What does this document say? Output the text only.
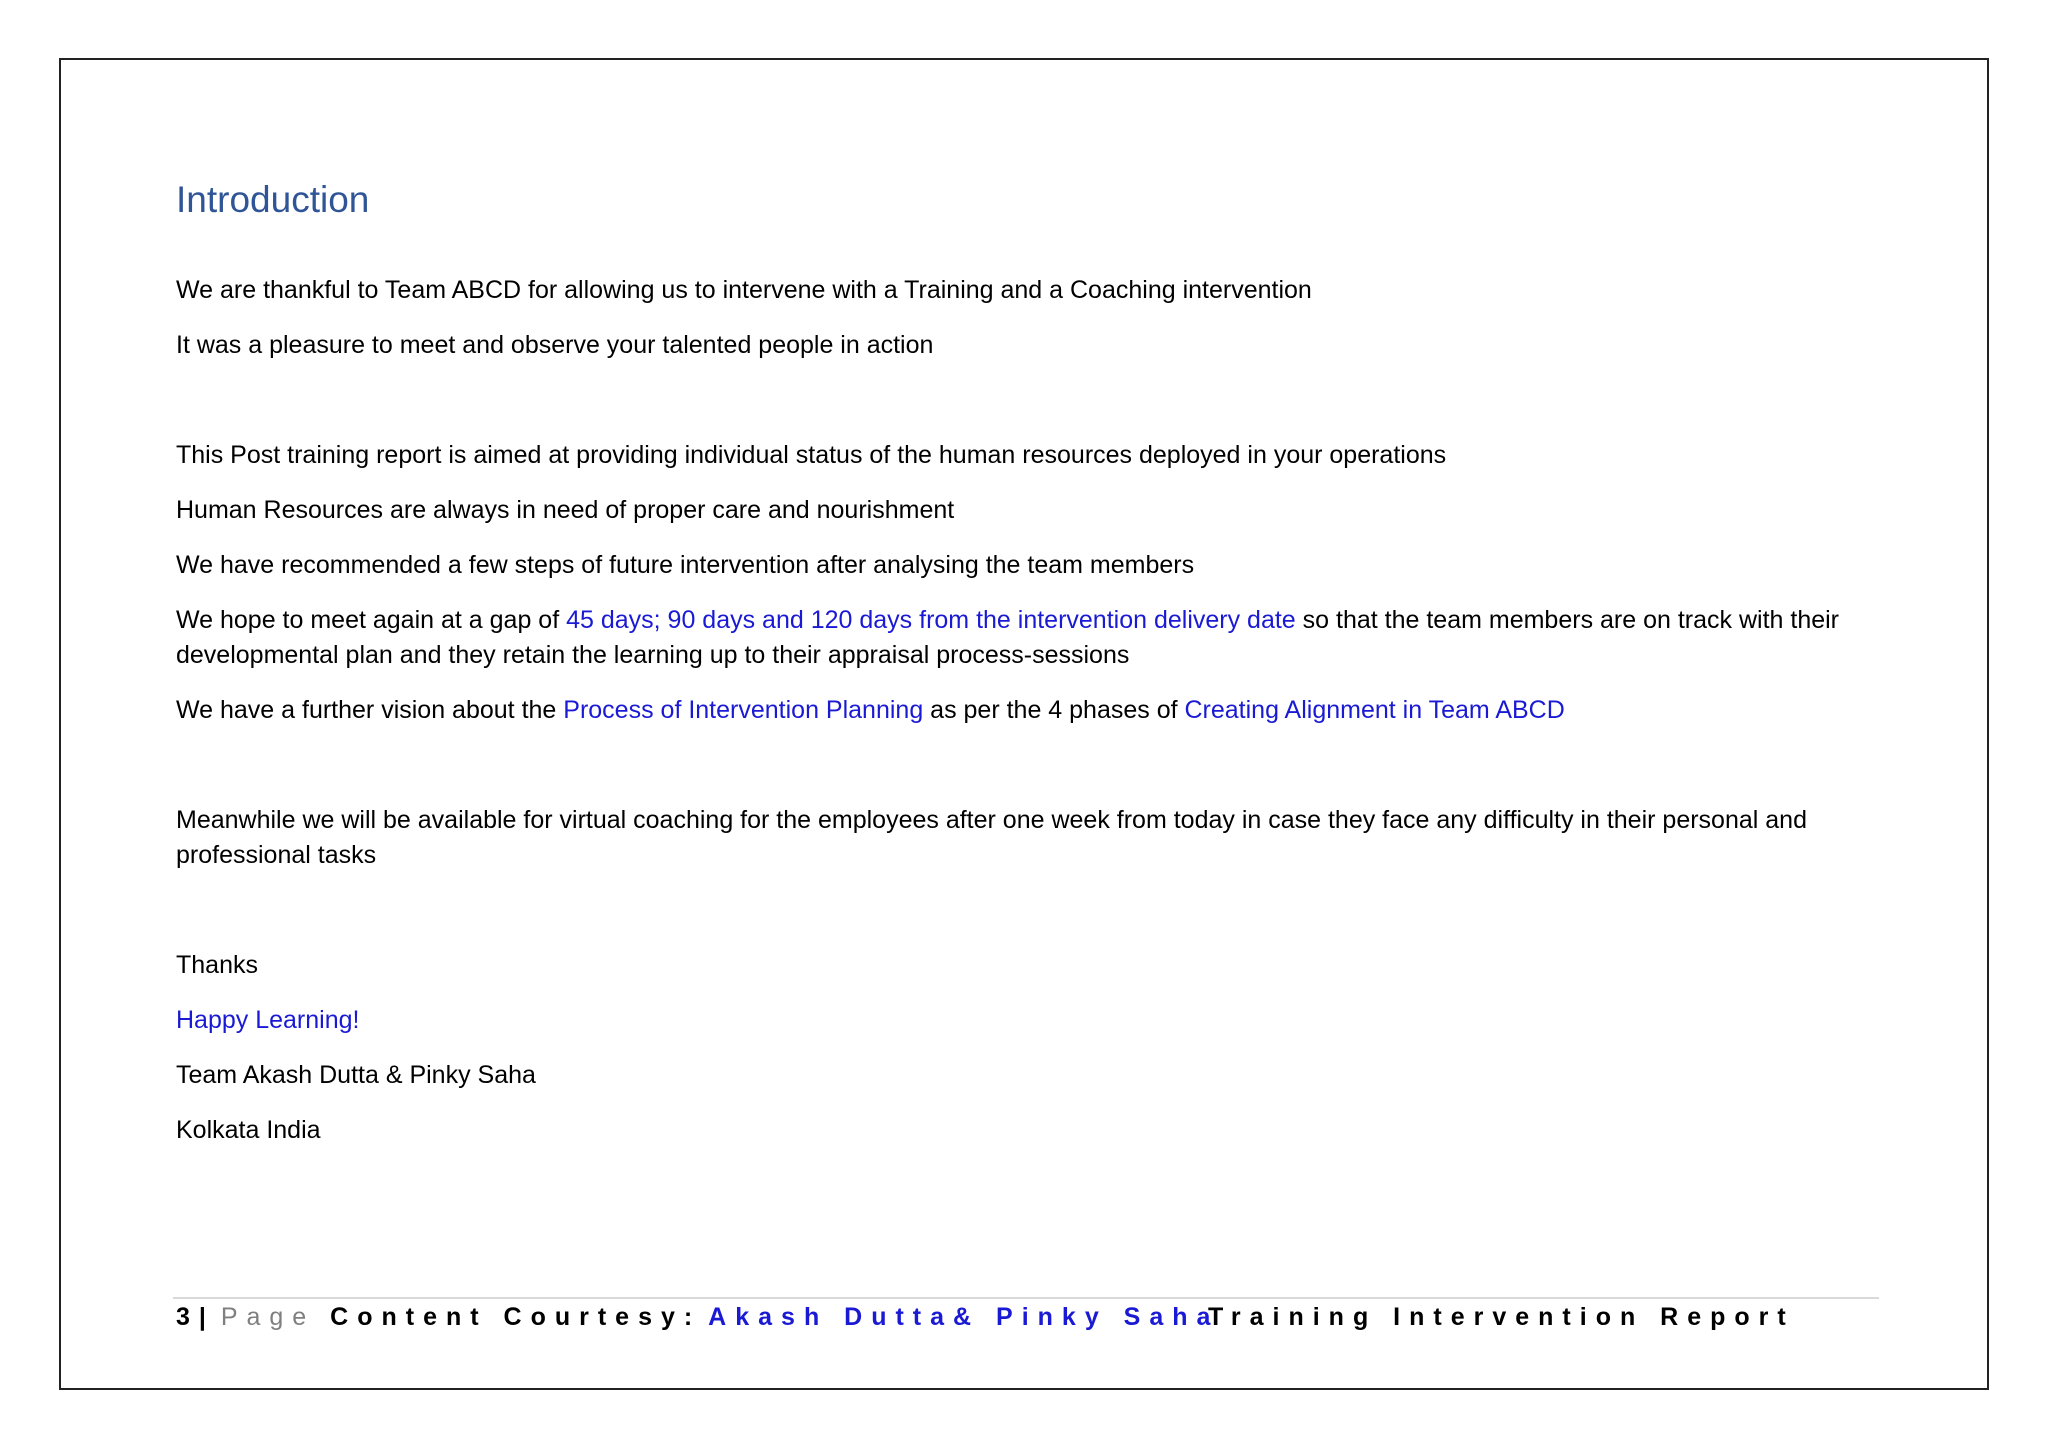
Introduction

We are thankful to Team ABCD for allowing us to intervene with a Training and a Coaching intervention

It was a pleasure to meet and observe your talented people in action

This Post training report is aimed at providing individual status of the human resources deployed in your operations

Human Resources are always in need of proper care and nourishment

We have recommended a few steps of future intervention after analysing the team members

We hope to meet again at a gap of 45 days; 90 days and 120 days from the intervention delivery date so that the team members are on track with their developmental plan and they retain the learning up to their appraisal process-sessions

We have a further vision about the Process of Intervention Planning as per the 4 phases of Creating Alignment in Team ABCD

Meanwhile we will be available for virtual coaching for the employees after one week from today in case they face any difficulty in their personal and professional tasks

Thanks

Happy Learning!

Team Akash Dutta & Pinky Saha

Kolkata India

3 | Page Content Courtesy: Akash Dutta& Pinky Saha
Training Intervention Report
